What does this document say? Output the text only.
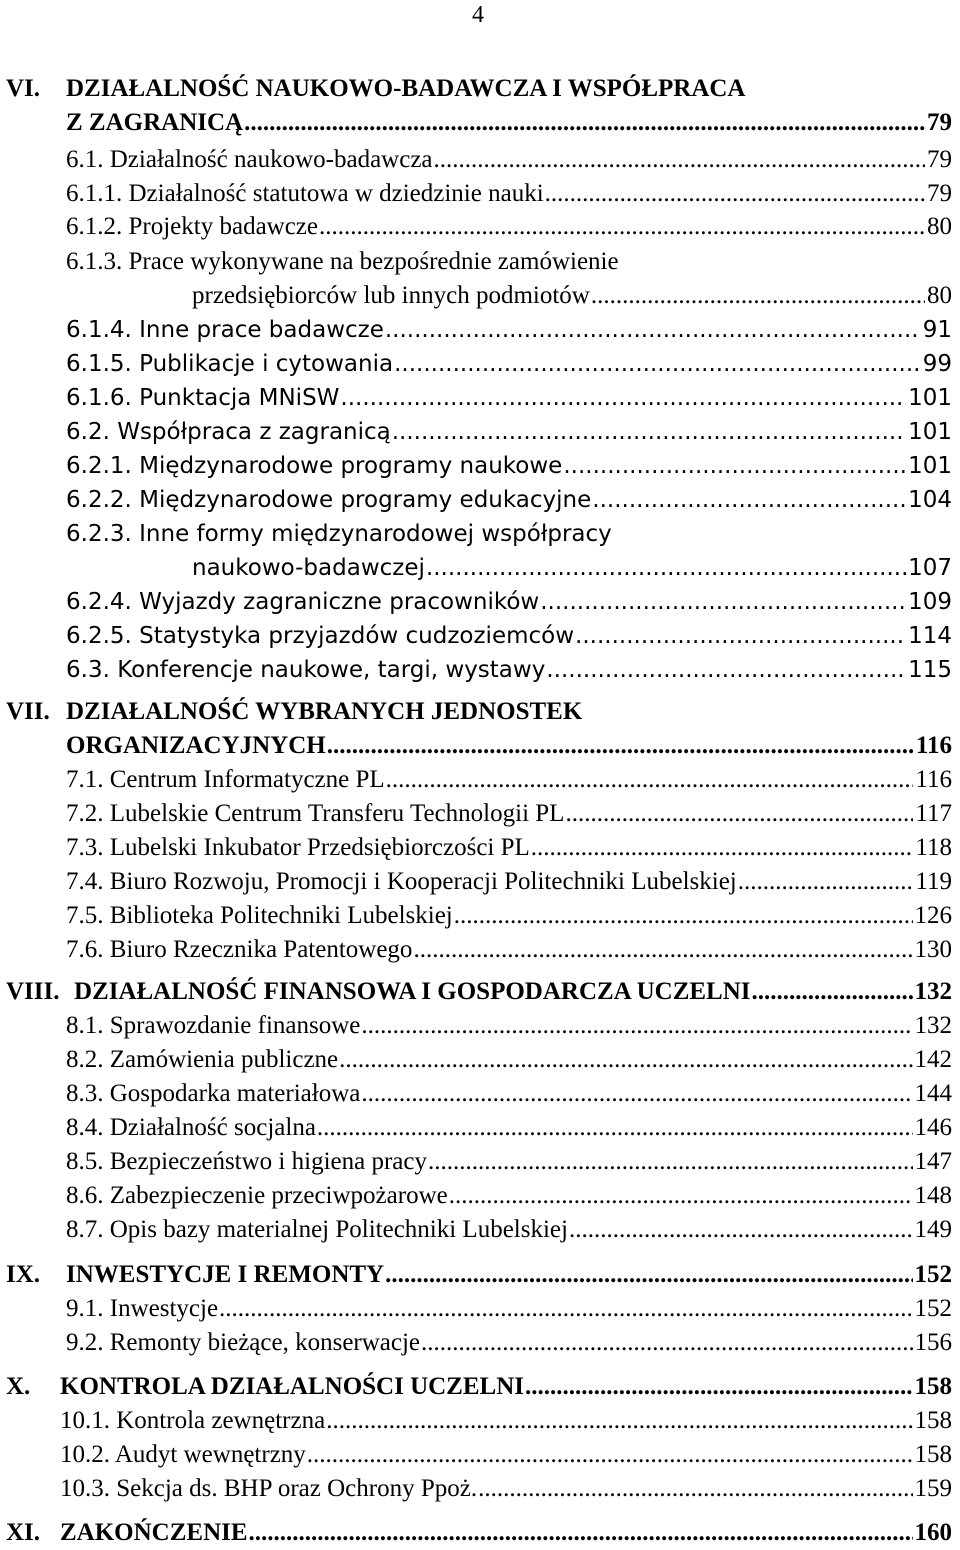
4
VI. DZIAŁALNOŚĆ NAUKOWO-BADAWCZA I WSPÓŁPRACA
Z ZAGRANICĄ .....	79
6.1. Działalność naukowo-badawcza .....	79
6.1.1. Działalność statutowa w dziedzinie nauki .....	79
6.1.2. Projekty badawcze .....	80
6.1.3. Prace wykonywane na bezpośrednie zamówienie
przedsiębiorców lub innych podmiotów .....	80
6.1.4. Inne prace badawcze .....	91
6.1.5. Publikacje i cytowania .....	99
6.1.6. Punktacja MNiSW .....	101
6.2. Współpraca z zagranicą .....	101
6.2.1. Międzynarodowe programy naukowe .....	101
6.2.2. Międzynarodowe programy edukacyjne .....	104
6.2.3. Inne formy międzynarodowej współpracy
naukowo-badawczej .....	107
6.2.4. Wyjazdy zagraniczne pracowników .....	109
6.2.5. Statystyka przyjazdów cudzoziemców .....	114
6.3. Konferencje naukowe, targi, wystawy .....	115
VII. DZIAŁALNOŚĆ WYBRANYCH JEDNOSTEK
ORGANIZACYJNYCH .....	116
7.1. Centrum Informatyczne PL .....	116
7.2. Lubelskie Centrum Transferu Technologii PL .....	117
7.3. Lubelski Inkubator Przedsiębiorczości PL .....	118
7.4. Biuro Rozwoju, Promocji i Kooperacji Politechniki Lubelskiej .....	119
7.5. Biblioteka Politechniki Lubelskiej .....	126
7.6. Biuro Rzecznika Patentowego .....	130
VIII. DZIAŁALNOŚĆ FINANSOWA I GOSPODARCZA UCZELNI .....	132
8.1. Sprawozdanie finansowe .....	132
8.2. Zamówienia publiczne .....	142
8.3. Gospodarka materiałowa .....	144
8.4. Działalność socjalna .....	146
8.5. Bezpieczeństwo i higiena pracy .....	147
8.6. Zabezpieczenie przeciwpożarowe .....	148
8.7. Opis bazy materialnej Politechniki Lubelskiej .....	149
IX. INWESTYCJE I REMONTY .....	152
9.1. Inwestycje .....	152
9.2. Remonty bieżące, konserwacje .....	156
X. KONTROLA DZIAŁALNOŚCI UCZELNI .....	158
10.1. Kontrola zewnętrzna .....	158
10.2. Audyt wewnętrzny .....	158
10.3. Sekcja ds. BHP oraz Ochrony Ppoż. .....	159
XI. ZAKOŃCZENIE .....	160
